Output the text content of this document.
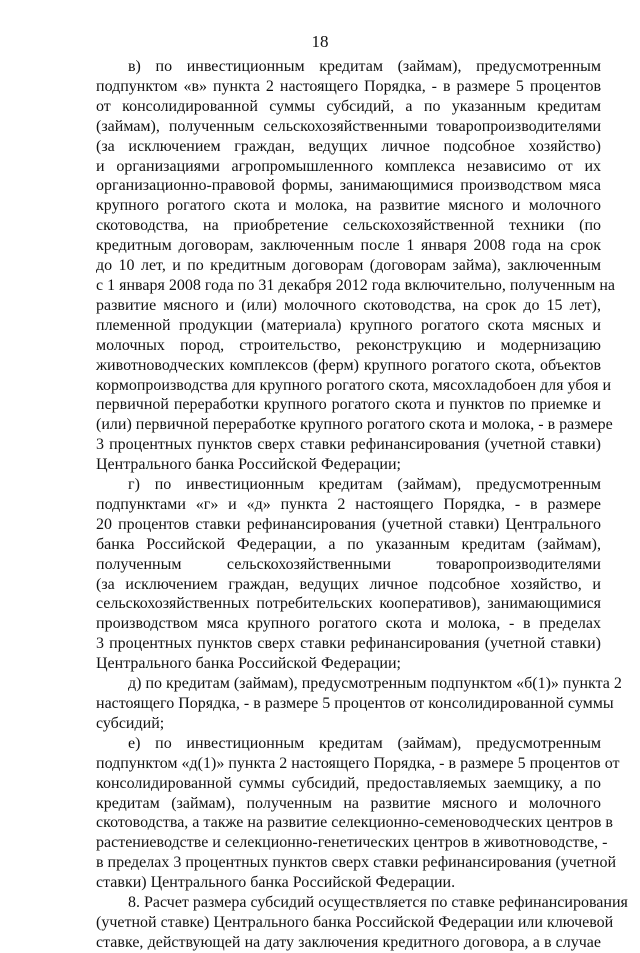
18
в) по инвестиционным кредитам (займам), предусмотренным
подпунктом «в» пункта 2 настоящего Порядка, - в размере 5 процентов
от консолидированной суммы субсидий, а по указанным кредитам
(займам), полученным сельскохозяйственными товаропроизводителями
(за исключением граждан, ведущих личное подсобное хозяйство)
и организациями агропромышленного комплекса независимо от их
организационно-правовой формы, занимающимися производством мяса
крупного рогатого скота и молока, на развитие мясного и молочного
скотоводства, на приобретение сельскохозяйственной техники (по
кредитным договорам, заключенным после 1 января 2008 года на срок
до 10 лет, и по кредитным договорам (договорам займа), заключенным
с 1 января 2008 года по 31 декабря 2012 года включительно, полученным на
развитие мясного и (или) молочного скотоводства, на срок до 15 лет),
племенной продукции (материала) крупного рогатого скота мясных и
молочных пород, строительство, реконструкцию и модернизацию
животноводческих комплексов (ферм) крупного рогатого скота, объектов
кормопроизводства для крупного рогатого скота, мясохладобоен для убоя и
первичной переработки крупного рогатого скота и пунктов по приемке и
(или) первичной переработке крупного рогатого скота и молока, - в размере
3 процентных пунктов сверх ставки рефинансирования (учетной ставки)
Центрального банка Российской Федерации;
г) по инвестиционным кредитам (займам), предусмотренным
подпунктами «г» и «д» пункта 2 настоящего Порядка, - в размере
20 процентов ставки рефинансирования (учетной ставки) Центрального
банка Российской Федерации, а по указанным кредитам (займам),
полученным сельскохозяйственными товаропроизводителями
(за исключением граждан, ведущих личное подсобное хозяйство, и
сельскохозяйственных потребительских кооперативов), занимающимися
производством мяса крупного рогатого скота и молока, - в пределах
3 процентных пунктов сверх ставки рефинансирования (учетной ставки)
Центрального банка Российской Федерации;
д) по кредитам (займам), предусмотренным подпунктом «б(1)» пункта 2
настоящего Порядка, - в размере 5 процентов от консолидированной суммы
субсидий;
е) по инвестиционным кредитам (займам), предусмотренным
подпунктом «д(1)» пункта 2 настоящего Порядка, - в размере 5 процентов от
консолидированной суммы субсидий, предоставляемых заемщику, а по
кредитам (займам), полученным на развитие мясного и молочного
скотоводства, а также на развитие селекционно-семеноводческих центров в
растениеводстве и селекционно-генетических центров в животноводстве, -
в пределах 3 процентных пунктов сверх ставки рефинансирования (учетной
ставки) Центрального банка Российской Федерации.
8. Расчет размера субсидий осуществляется по ставке рефинансирования
(учетной ставке) Центрального банка Российской Федерации или ключевой
ставке, действующей на дату заключения кредитного договора, а в случае
